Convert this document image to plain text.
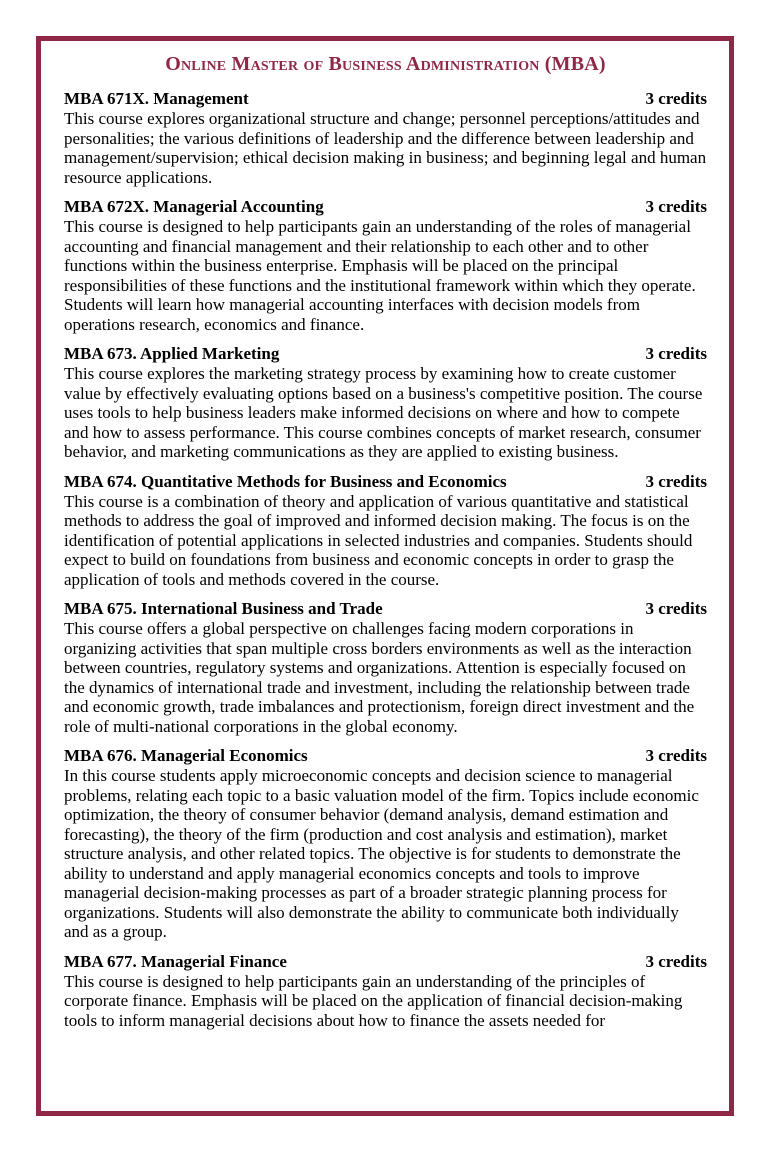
Online Master of Business Administration (MBA)
MBA 671X. Management	3 credits

This course explores organizational structure and change; personnel perceptions/attitudes and personalities; the various definitions of leadership and the difference between leadership and management/supervision; ethical decision making in business; and beginning legal and human resource applications.

MBA 672X. Managerial Accounting	3 credits

This course is designed to help participants gain an understanding of the roles of managerial accounting and financial management and their relationship to each other and to other functions within the business enterprise. Emphasis will be placed on the principal responsibilities of these functions and the institutional framework within which they operate. Students will learn how managerial accounting interfaces with decision models from operations research, economics and finance.

MBA 673. Applied Marketing	3 credits

This course explores the marketing strategy process by examining how to create customer value by effectively evaluating options based on a business's competitive position. The course uses tools to help business leaders make informed decisions on where and how to compete and how to assess performance. This course combines concepts of market research, consumer behavior, and marketing communications as they are applied to existing business.

MBA 674. Quantitative Methods for Business and Economics	3 credits

This course is a combination of theory and application of various quantitative and statistical methods to address the goal of improved and informed decision making. The focus is on the identification of potential applications in selected industries and companies. Students should expect to build on foundations from business and economic concepts in order to grasp the application of tools and methods covered in the course.

MBA 675. International Business and Trade	3 credits

This course offers a global perspective on challenges facing modern corporations in organizing activities that span multiple cross borders environments as well as the interaction between countries, regulatory systems and organizations. Attention is especially focused on the dynamics of international trade and investment, including the relationship between trade and economic growth, trade imbalances and protectionism, foreign direct investment and the role of multi-national corporations in the global economy.

MBA 676. Managerial Economics	3 credits

In this course students apply microeconomic concepts and decision science to managerial problems, relating each topic to a basic valuation model of the firm. Topics include economic optimization, the theory of consumer behavior (demand analysis, demand estimation and forecasting), the theory of the firm (production and cost analysis and estimation), market structure analysis, and other related topics. The objective is for students to demonstrate the ability to understand and apply managerial economics concepts and tools to improve managerial decision-making processes as part of a broader strategic planning process for organizations. Students will also demonstrate the ability to communicate both individually and as a group.

MBA 677. Managerial Finance	3 credits

This course is designed to help participants gain an understanding of the principles of corporate finance. Emphasis will be placed on the application of financial decision-making tools to inform managerial decisions about how to finance the assets needed for
